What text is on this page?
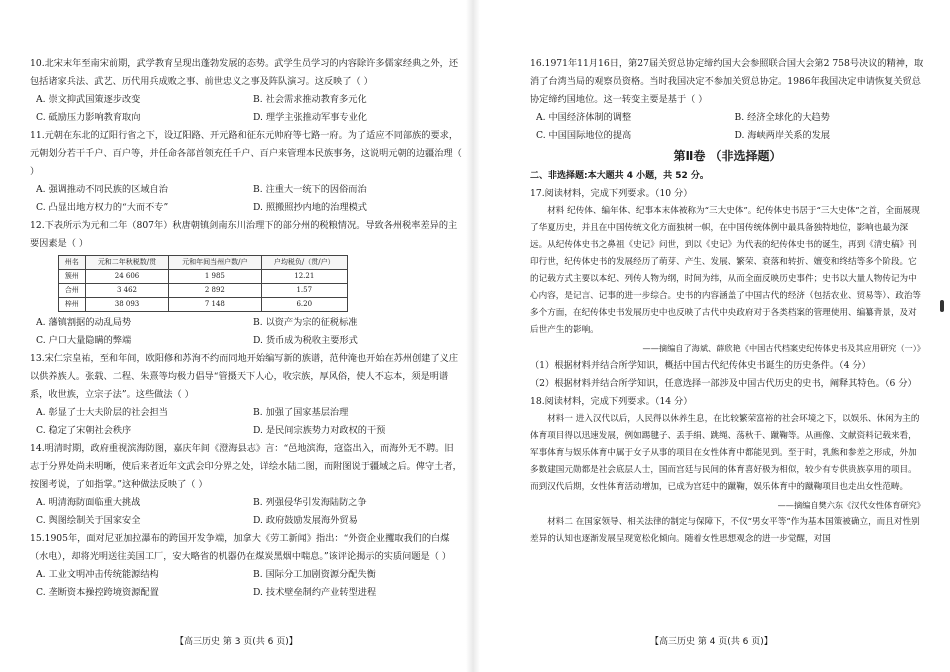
10.北宋末年至南宋前期，武学教育呈现出蓬勃发展的态势。武学生员学习的内容除许多儒家经典之外，还包括诸家兵法、武艺、历代用兵成败之事、前世忠义之事及阵队演习。这反映了（ ）

A. 崇文抑武国策逐步改变	B. 社会需求推动教育多元化
C. 砥励压力影响教育取向	D. 理学主张推动军事专业化

11.元朝在东北的辽阳行省之下，设辽阳路、开元路和征东元帅府等七路一府。为了适应不同部族的要求，元朝划分若干千户、百户等，并任命各部首领充任千户、百户来管理本民族事务，这说明元朝的边疆治理（ ）

A. 强调推动不同民族的区域自治	B. 注重大一统下的因俗而治
C. 凸显出地方权力的“大而不专”	D. 照搬照抄内地的治理模式

12.下表所示为元和二年（807年）秋唐朝镇剑南东川治理下的部分州的税粮情况。导致各州税率差异的主要因素是（ ）

州名	元和二年秋税数/贯	元和年间当州户数/户	户均税负/（贯/户）
簇州	24 606	1 985	12.21
合州	3 462	2 892	1.57
梓州	38 093	7 148	6.20
A. 藩镇割据的动乱局势	B. 以资产为宗的征税标准
C. 户口大量隐瞒的弊端	D. 货币成为税收主要形式

13.宋仁宗皇祐，至和年间，欧阳修和苏洵不约而同地开始编写新的族谱，范仲淹也开始在苏州创建了义庄以供养族人。张载、二程、朱熹等均极力倡导“管摄天下人心，收宗族，厚风俗，使人不忘本，须是明谱系，收世族，立宗子法”。这些做法（ ）

A. 彰显了士大夫阶层的社会担当	B. 加强了国家基层治理
C. 稳定了宋朝社会秩序	D. 是民间宗族势力对政权的干预

14.明清时期，政府重视滨海防图，嘉庆年间《澄海县志》言：“邑地滨海，寇盗出入，而海外无不聘。旧志于分界处尚未明晰，使后来者近年文武会印分界之处，详绘水陆二图，而附图说于疆域之后。俾守土者，按图考说，了如指掌。”这种做法反映了（ ）

A. 明清海防面临重大挑战	B. 列强侵华引发海陆防之争
C. 舆图绘制关于国家安全	D. 政府鼓励发展海外贸易

15.1905年，面对尼亚加拉瀑布的跨国开发争端，加拿大《劳工新闻》指出：“外资企业攫取我们的白煤（水电），却将光明送往美国工厂，安大略省的机器仍在煤炭黑烟中喘息。”该评论揭示的实质问题是（ ）

A. 工业文明冲击传统能源结构	B. 国际分工加剧资源分配失衡
C. 垄断资本操控跨境资源配置	D. 技术壁垒制约产业转型进程
【高三历史 第 3 页(共 6 页)】

16.1971年11月16日，第27届关贸总协定缔约国大会参照联合国大会第2 758号决议的精神，取消了台湾当局的观察员资格。当时我国决定不参加关贸总协定。1986年我国决定申请恢复关贸总协定缔约国地位。这一转变主要是基于（ ）

A. 中国经济体制的调整	B. 经济全球化的大趋势
C. 中国国际地位的提高	D. 海峡两岸关系的发展
第Ⅱ卷 （非选择题）
二、非选择题:本大题共 4 小题，共 52 分。

17.阅读材料，完成下列要求。（10 分）

材料 纪传体、编年体、纪事本末体被称为“三大史体”。纪传体史书居于“三大史体”之首，全面展现了华夏历史，并且在中国传统文化方面独树一帜，在中国传统体例中最具备独特地位，影响也最为深远。从纪传体史书之鼻祖《史记》问世，到以《史记》为代表的纪传体史书的诞生，再到《清史稿》刊印行世，纪传体史书的发展经历了萌芽、产生、发展、繁荣、衰落和转折、嬗变和终结等多个阶段。它的记载方式主要以本纪、列传人物为纲，时间为纬，从而全面反映历史事件；史书以大量人物传记为中心内容，是记言、记事的进一步综合。史书的内容涵盖了中国古代的经济（包括农业、贸易等）、政治等多个方面，在纪传体史书发展历史中也反映了古代中央政府对于各类档案的管理使用、编纂背景，及对后世产生的影响。

——摘编自了海斌、薛欣艳《中国古代档案史纪传体史书及其应用研究（一）》

（1）根据材料并结合所学知识，概括中国古代纪传体史书诞生的历史条件。（4 分）

（2）根据材料并结合所学知识，任意选择一部涉及中国古代历史的史书，阐释其特色。（6 分）

18.阅读材料，完成下列要求。（14 分）

材料一 进入汉代以后，人民得以休养生息，在比较繁荣富裕的社会环境之下，以娱乐、休闲为主的体育项目得以迅速发展，例如踢毽子、丢手绢、跳绳、荡秋千、蹴鞠等。从画像、文献资料记载来看，军事体育与娱乐体育中属于女子从事的项目在女性体育中都能见到。至于时，乳熊和参差之形成，外加多数建国元勋都是社会底层人士，国而宫廷与民间的体育喜好极为相似，较少有专供贵族享用的项目。而到汉代后期，女性体育活动增加，已成为宫廷中的蹴鞠，娱乐体育中的蹴鞠项目也走出女性范畴。

——摘编自樊六东《汉代女性体育研究》

材料二 在国家领导、相关法律的制定与保障下，不仅“男女平等”作为基本国策被确立，而且对性别差异的认知也逐渐发展呈现宽松化倾向。随着女性思想观念的进一步觉醒，对国

【高三历史 第 4 页(共 6 页)】
